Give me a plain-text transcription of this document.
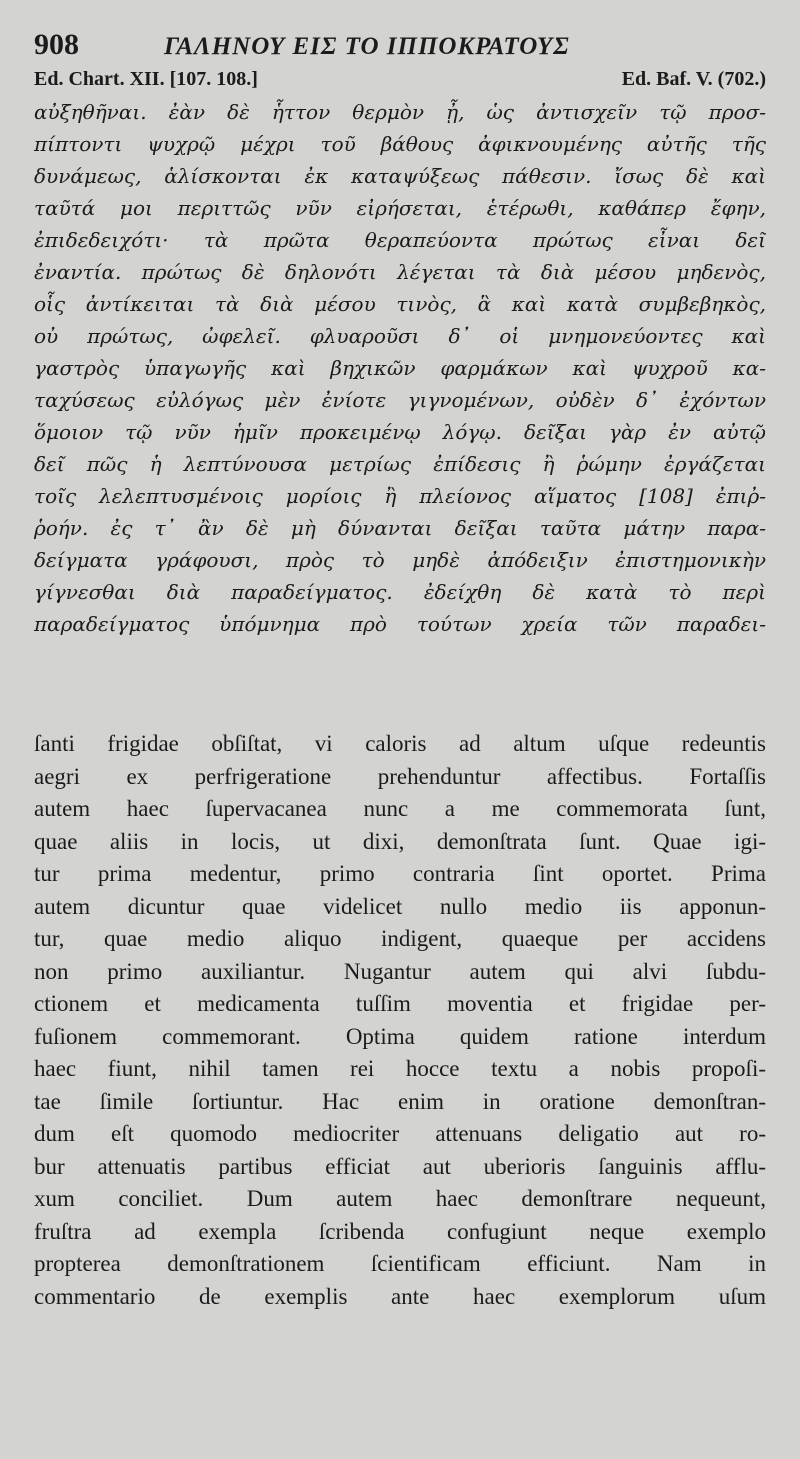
908	ΓΑΛΗΝΟΥ ΕΙΣ ΤΟ ΙΠΠΟΚΡΑΤΟΥΣ
Ed. Chart. XII. [107. 108.]	Ed. Baf. V. (702.)
αὐξηθῆναι. ἐὰν δὲ ἧττον θερμὸν ᾖ, ὡς ἀντισχεῖν τῷ προσ-
πίπτοντι ψυχρῷ μέχρι τοῦ βάθους ἀφικνουμένης αὐτῆς τῆς
δυνάμεως, ἁλίσκονται ἐκ καταψύξεως πάθεσιν. ἴσως δὲ καὶ
ταῦτά μοι περιττῶς νῦν εἰρήσεται, ἑτέρωθι, καθάπερ ἔφην,
ἐπιδεδειχότι· τὰ πρῶτα θεραπεύοντα πρώτως εἶναι δεῖ
ἐναντία. πρώτως δὲ δηλονότι λέγεται τὰ διὰ μέσου μηδενὸς,
οἷς ἀντίκειται τὰ διὰ μέσου τινὸς, ἃ καὶ κατὰ συμβεβηκὸς,
οὐ πρώτως, ὠφελεῖ. φλυαροῦσι δ᾽ οἱ μνημονεύοντες καὶ
γαστρὸς ὑπαγωγῆς καὶ βηχικῶν φαρμάκων καὶ ψυχροῦ κα-
ταχύσεως εὐλόγως μὲν ἐνίοτε γιγνομένων, οὐδὲν δ᾽ ἐχόντων
ὅμοιον τῷ νῦν ἡμῖν προκειμένῳ λόγῳ. δεῖξαι γὰρ ἐν αὐτῷ
δεῖ πῶς ἡ λεπτύνουσα μετρίως ἐπίδεσις ἢ ῥώμην ἐργάζεται
τοῖς λελεπτυσμένοις μορίοις ἢ πλείονος αἵματος [108] ἐπιῤ-
ῥοήν. ἐς τ᾽ ἂν δὲ μὴ δύνανται δεῖξαι ταῦτα μάτην παρα-
δείγματα γράφουσι, πρὸς τὸ μηδὲ ἀπόδειξιν ἐπιστημονικὴν
γίγνεσθαι διὰ παραδείγματος. ἐδείχθη δὲ κατὰ τὸ περὶ
παραδείγματος ὑπόμνημα πρὸ τούτων χρεία τῶν παραδει-
ſanti frigidae obſiſtat, vi caloris ad altum uſque redeuntis
aegri ex perfrigeratione prehenduntur affectibus. Fortaſſis
autem haec ſupervacanea nunc a me commemorata ſunt,
quae aliis in locis, ut dixi, demonſtrata ſunt. Quae igi-
tur prima medentur, primo contraria ſint oportet. Prima
autem dicuntur quae videlicet nullo medio iis apponun-
tur, quae medio aliquo indigent, quaeque per accidens
non primo auxiliantur. Nugantur autem qui alvi ſubdu-
ctionem et medicamenta tuſſim moventia et frigidae per-
fuſionem commemorant. Optima quidem ratione interdum
haec fiunt, nihil tamen rei hocce textu a nobis propoſi-
tae ſimile ſortiuntur. Hac enim in oratione demonſtran-
dum eſt quomodo mediocriter attenuans deligatio aut ro-
bur attenuatis partibus efficiat aut uberioris ſanguinis afflu-
xum conciliet. Dum autem haec demonſtrare nequeunt,
fruſtra ad exempla ſcribenda confugiunt neque exemplo
propterea demonſtrationem ſcientificam efficiunt. Nam in
commentario de exemplis ante haec exemplorum uſum
